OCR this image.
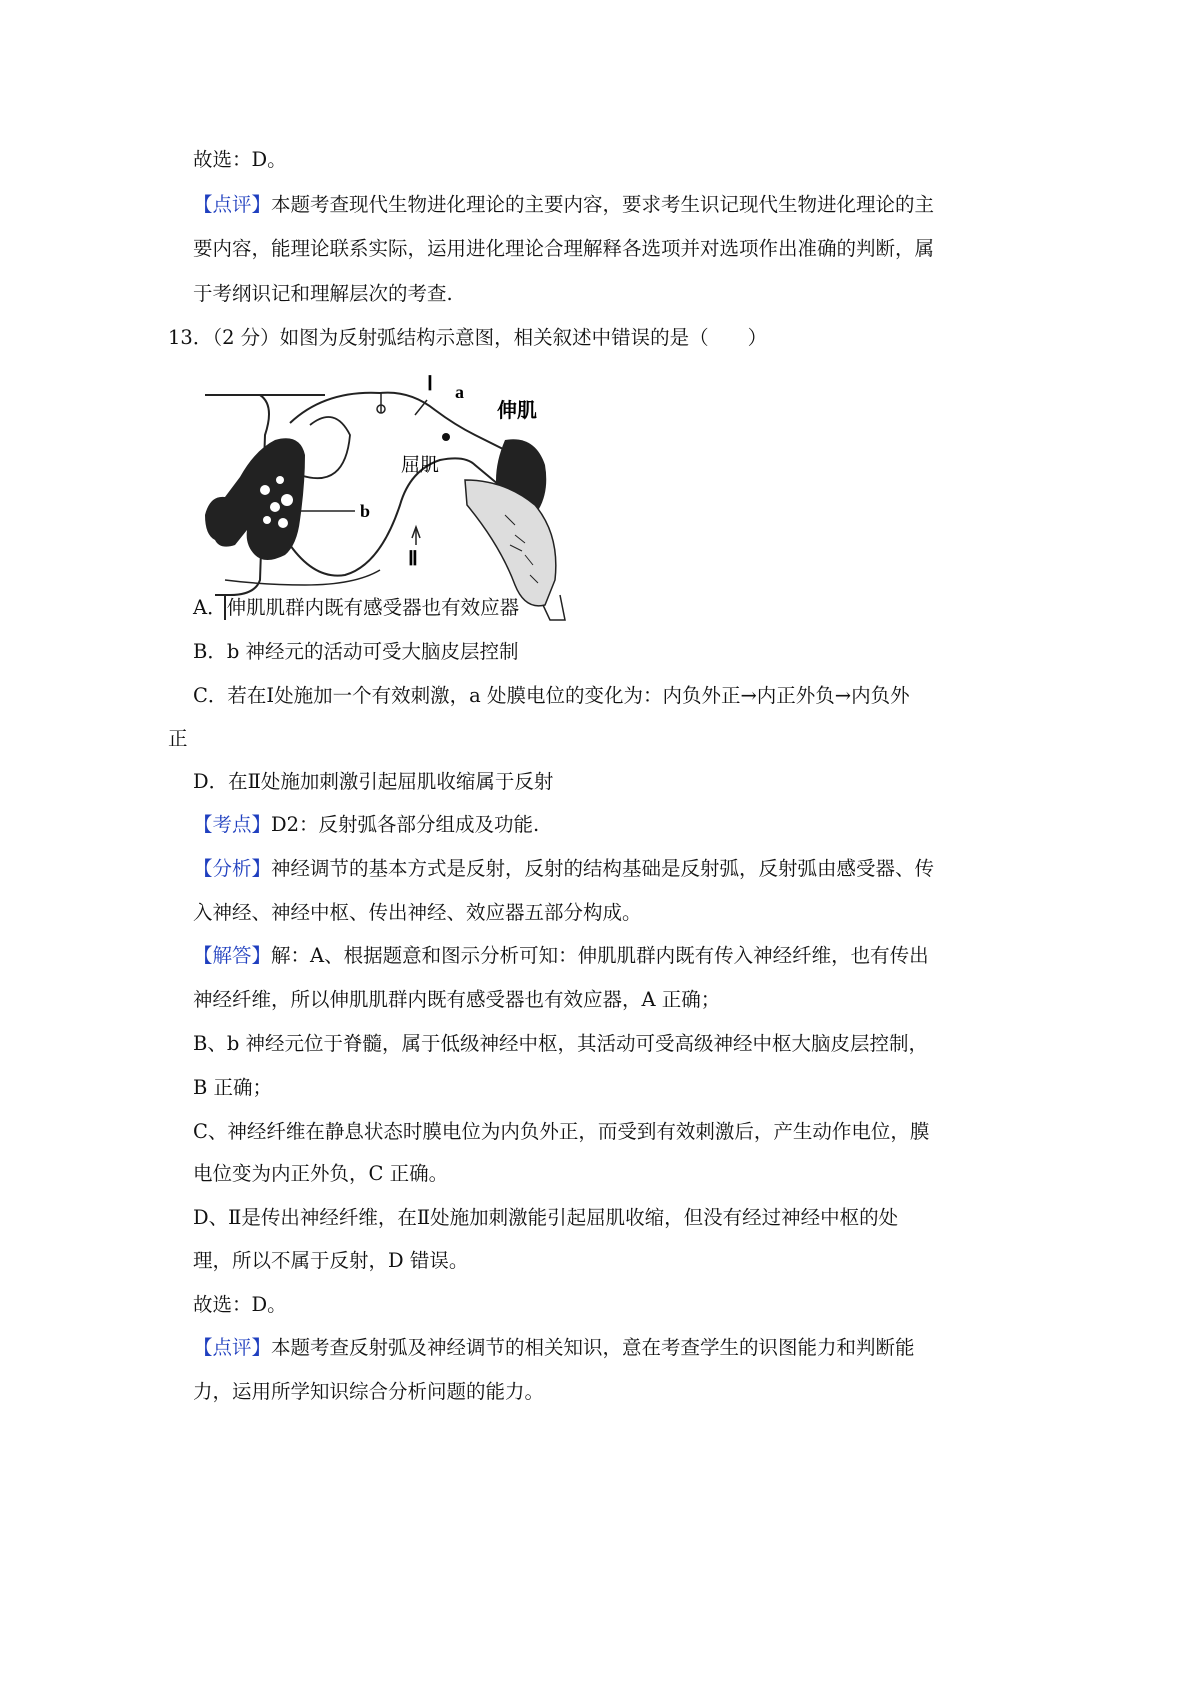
故选：D。
【点评】本题考查现代生物进化理论的主要内容，要求考生识记现代生物进化理论的主
要内容，能理论联系实际，运用进化理论合理解释各选项并对选项作出准确的判断，属
于考纲识记和理解层次的考查.
13．（2 分）如图为反射弧结构示意图，相关叙述中错误的是（　　）
Ⅰ a
伸肌
屈肌
b
Ⅱ
A．伸肌肌群内既有感受器也有效应器
B．b 神经元的活动可受大脑皮层控制
C．若在Ⅰ处施加一个有效刺激，a 处膜电位的变化为：内负外正→内正外负→内负外
正
D．在Ⅱ处施加刺激引起屈肌收缩属于反射
【考点】D2：反射弧各部分组成及功能.
【分析】神经调节的基本方式是反射，反射的结构基础是反射弧，反射弧由感受器、传
入神经、神经中枢、传出神经、效应器五部分构成。
【解答】解：A、根据题意和图示分析可知：伸肌肌群内既有传入神经纤维，也有传出
神经纤维，所以伸肌肌群内既有感受器也有效应器，A 正确；
B、b 神经元位于脊髓，属于低级神经中枢，其活动可受高级神经中枢大脑皮层控制，
B 正确；
C、神经纤维在静息状态时膜电位为内负外正，而受到有效刺激后，产生动作电位，膜
电位变为内正外负，C 正确。
D、Ⅱ是传出神经纤维，在Ⅱ处施加刺激能引起屈肌收缩，但没有经过神经中枢的处
理，所以不属于反射，D 错误。
故选：D。
【点评】本题考查反射弧及神经调节的相关知识，意在考查学生的识图能力和判断能
力，运用所学知识综合分析问题的能力。
